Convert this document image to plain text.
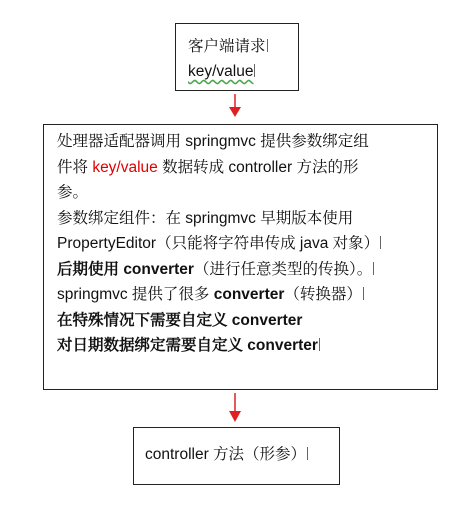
客户端请求
key/value
处理器适配器调用 springmvc 提供参数绑定组
件将 key/value 数据转成 controller 方法的形
参。
参数绑定组件：在 springmvc 早期版本使用
PropertyEditor（只能将字符串传成 java 对象）
后期使用 converter（进行任意类型的传换）。
springmvc 提供了很多 converter（转换器）
在特殊情况下需要自定义 converter
对日期数据绑定需要自定义 converter
controller 方法（形参）
